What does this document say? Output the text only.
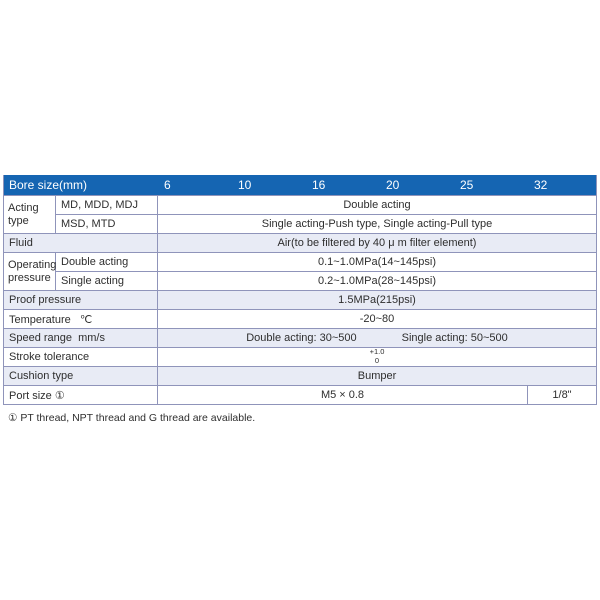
Bore size(mm)	6	10	16	20	25	32
Acting type
MD, MDD, MDJ	Double acting
MSD, MTD	Single acting-Push type, Single acting-Pull type
Fluid	Air(to be filtered by 40 μ m filter element)
Operating pressure
Double acting	0.1~1.0MPa(14~145psi)
Single acting	0.2~1.0MPa(28~145psi)
Proof pressure	1.5MPa(215psi)
Temperature   ℃	-20~80
Speed range  mm/s	Double acting: 30~500	Single acting: 50~500
Stroke tolerance	+1.0
0
Cushion type	Bumper
Port size ①	M5 × 0.8	1/8"
① PT thread, NPT thread and G thread are available.
